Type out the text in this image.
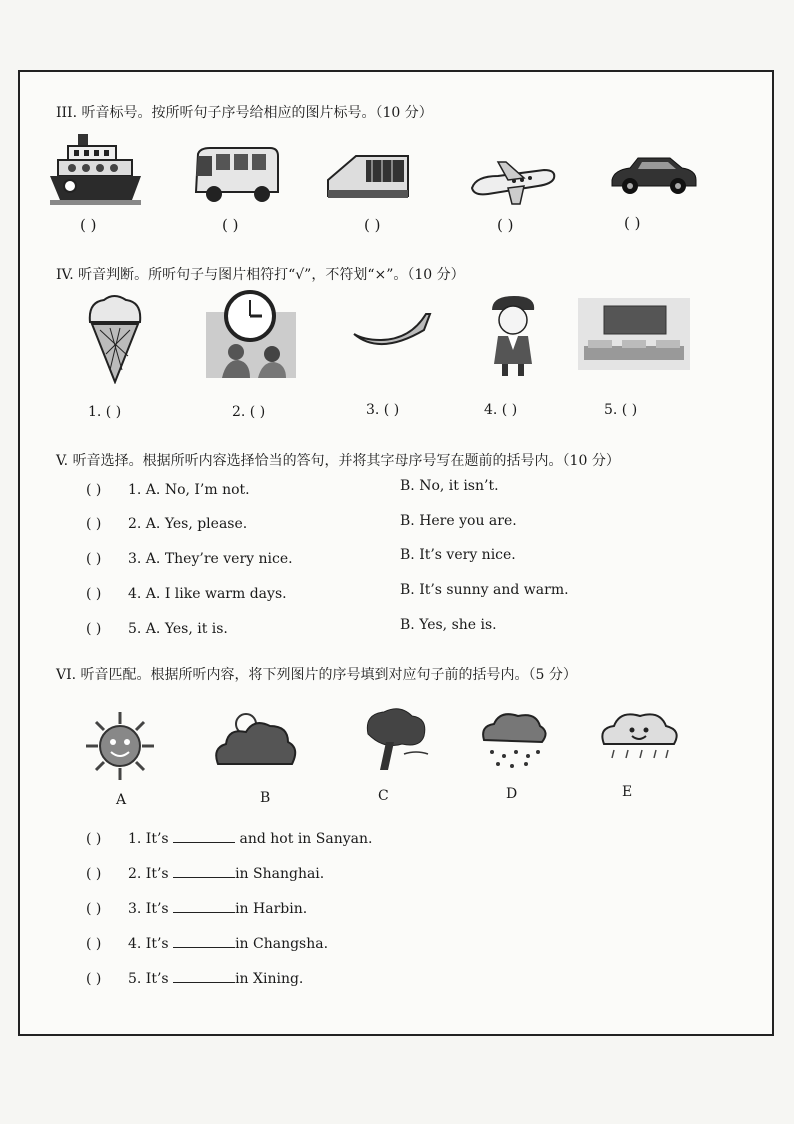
III. 听音标号。按所听句子序号给相应的图片标号。（10 分）
( )	( )	( )	( )	( )
IV. 听音判断。所听句子与图片相符打“√”，不符划“×”。（10 分）
1. ( )	2. ( )	3. ( )	4. ( )	5. ( )
V. 听音选择。根据所听内容选择恰当的答句，并将其字母序号写在题前的括号内。（10 分）
( ) 1. A. No, I’m not.	B. No, it isn’t.
( ) 2. A. Yes, please.	B. Here you are.
( ) 3. A. They’re very nice.	B. It’s very nice.
( ) 4. A. I like warm days.	B. It’s sunny and warm.
( ) 5. A. Yes, it is.	B. Yes, she is.
VI. 听音匹配。根据所听内容，将下列图片的序号填到对应句子前的括号内。（5 分）
A	B	C	D	E
( ) 1. It’s	and hot in Sanyan.
( ) 2. It’s	in Shanghai.
( ) 3. It’s	in Harbin.
( ) 4. It’s	in Changsha.
( ) 5. It’s	in Xining.
